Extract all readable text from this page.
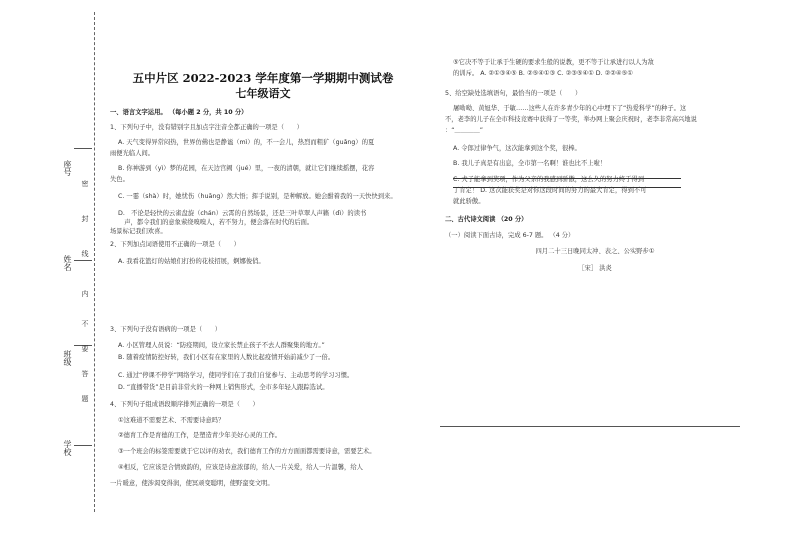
座号
姓名
班级
学校
密
封
线
内
不
要
答
题
五中片区 2022-2023 学年度第一学期期中测试卷
七年级语文
一、语言文字运用。 （每小题 2 分，共 10 分）
1、下列句子中，没有错别字且加点字注音全都正确的一项是（　　）
A. 天气变得异常闷热，世界仿佛也是静谧（mì）的，不一会儿，热烈而粗犷（guǎng）的夏
雨便光临人间。
B. 你神游到（yì）梦的花园，在天边宫阙（jué）里，一夜的清朝，就让它们继续摇摆，花容
失色。
C. 一霎（shà）时，她忧伤（huāng）然大悟；挥手说别，是种解放。她会酣着我的一天快快到来。
D.　不论是轻快的云雀盘旋（chán）云霄的自然场景，还是三叶草翠人声籁（dì）的读书
　声，都令我们的意象萦绕嗅嗅人，若不努力，便会落在时代的后面。
场景标记我们欢喜。
2、下列加点词语使用不正确的一项是（　　）
A. 我看花篮灯的姑娘们打扮的花枝招展，婀娜俊俏。
3、下列句子没有语病的一项是（　　）
A. 小区管理人员说：“防疫期间，设立家长禁止孩子不去人群聚集的地方。”
B. 随着疫情防控好转，我们小区有在家里的人数比起疫情开始前减少了一倍。
C. 通过“停课不停学”网络学习，使同学们在了我们自觉参与、主动思考的学习习惯。
D. “直播带货”是目前非常火的一种网上销售形式，全市多年轻人跟踪选试。
4、下列句子组成语段顺序排列正确的一项是（　　）
①这难道不需要艺术、不需要诗意吗？
②德育工作是育德的工作，是塑造青少年美好心灵的工作。
③一个班会的标签需要就于它以评的劝衣，我们德育工作的方方面面都需要诗意，需要艺术。
④相反，它应该是合情致韵的，应该是诗意浓郁的，给人一片关爱，给人一片温馨，给人
一片暖意，使涉渴变得润，使冥顽变聪明，使野蛮变文明。
⑤它决不等于让承于生硬的要求生般的说教，更不等于让承进行以人为敌
的训斥。 A. ②①③④⑤ B. ②⑤④①③ C. ②③⑤④① D. ②②④⑤①
5、给空缺处选填语句，最恰当的一项是（　　）
屠呦呦、黄旭华、于敏……这些人在许多青少年的心中埋下了“热爱科学”的种子。这
不，老李的儿子在全市科技竞赛中获得了一等奖，举办网上聚会庆祝时，老李非常高兴地说
：“＿＿＿＿”
A. 令郎过律争气，这次能拿到这个奖，很棒。
B. 我儿子真是有出息，全市第一名啊！谁也比不上啦！
C. 犬子能拿到奖项，作为父亲的我感到骄傲，这么久的努力终于得到
了肯定！ D. 这次能获奖是对你这段时间的努力的最大肯定，得到不可
就此骄傲。
二、古代诗文阅读 （20 分）
（一）阅读下面古诗，完成 6-7 题。 （4 分）
四月二十三日晚同太冲、表之、公实野步①
［宋］ 洪炎
